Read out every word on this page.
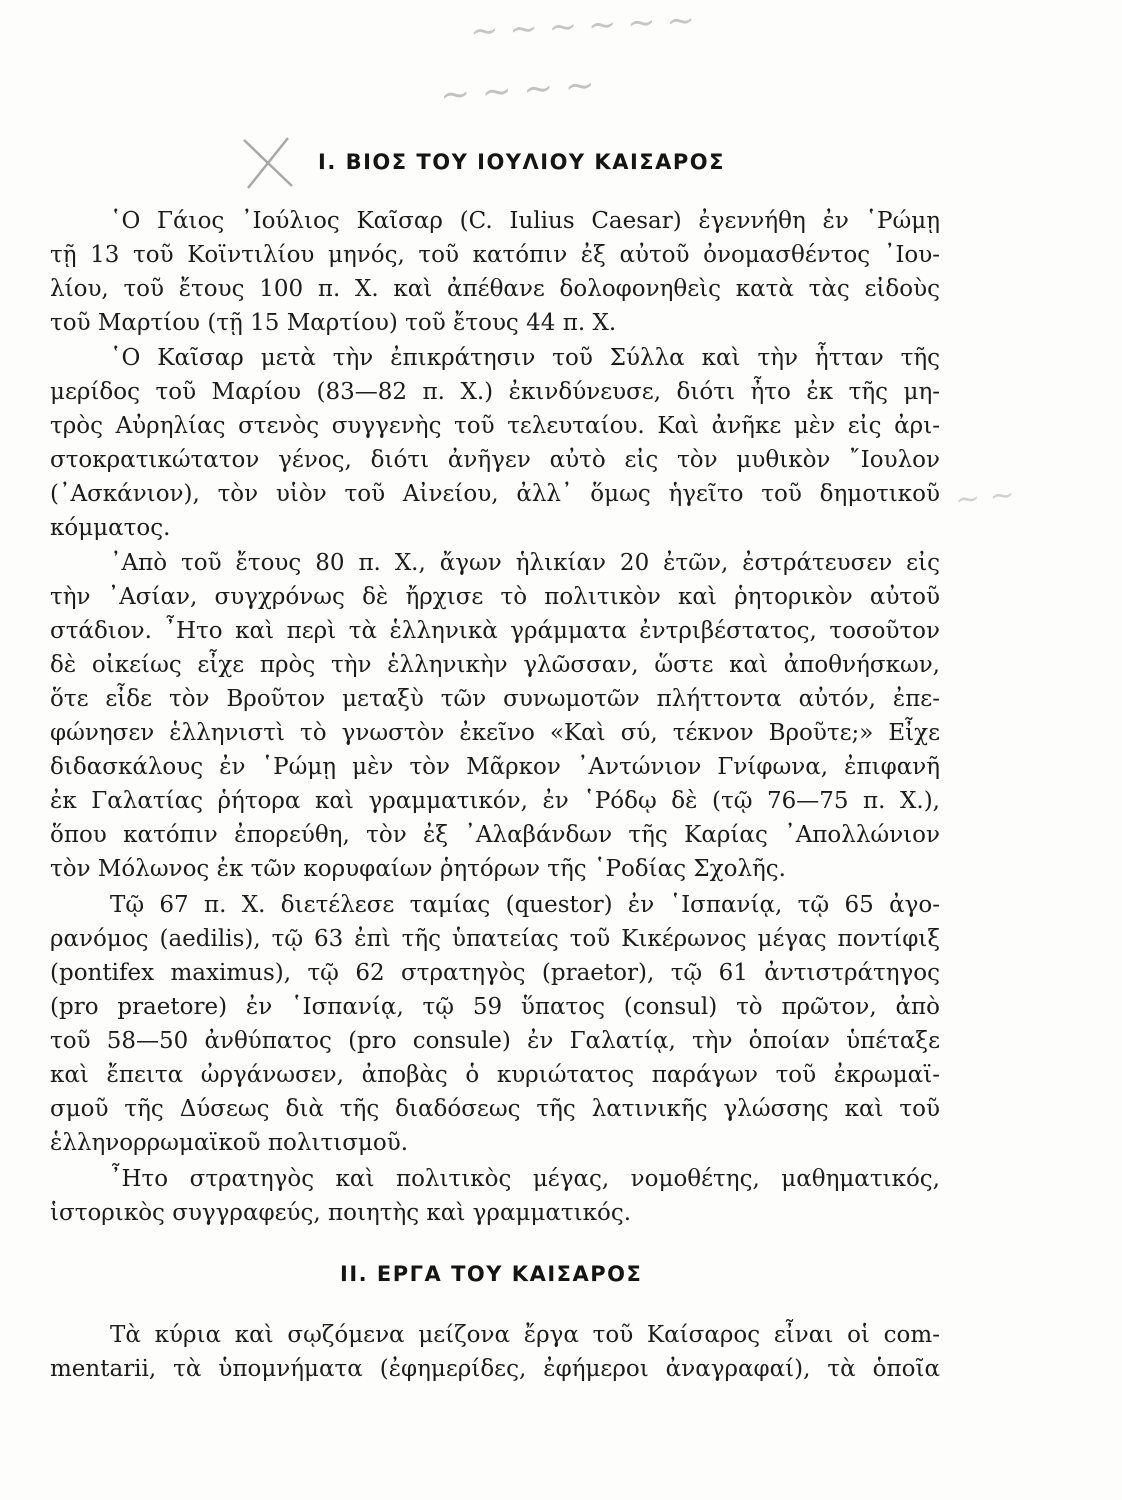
~ ~ ~ ~ ~ ~
~ ~ ~ ~
~ ~
Ι. ΒΙΟΣ ΤΟΥ ΙΟΥΛΙΟΥ ΚΑΙΣΑΡΟΣ
῾Ο Γάιος ᾿Ιούλιος Καῖσαρ (C. Iulius Caesar) ἐγεννήθη ἐν ῾Ρώμῃ
τῇ 13 τοῦ Κοϊντιλίου μηνός, τοῦ κατόπιν ἐξ αὐτοῦ ὀνομασθέντος ᾿Ιου-
λίου, τοῦ ἔτους 100 π. Χ. καὶ ἀπέθανε δολοφονηθεὶς κατὰ τὰς εἰδοὺς
τοῦ Μαρτίου (τῇ 15 Μαρτίου) τοῦ ἔτους 44 π. Χ.
῾Ο Καῖσαρ μετὰ τὴν ἐπικράτησιν τοῦ Σύλλα καὶ τὴν ἧτταν τῆς
μερίδος τοῦ Μαρίου (83—82 π. Χ.) ἐκινδύνευσε, διότι ἦτο ἐκ τῆς μη-
τρὸς Αὐρηλίας στενὸς συγγενὴς τοῦ τελευταίου. Καὶ ἀνῆκε μὲν εἰς ἀρι-
στοκρατικώτατον γένος, διότι ἀνῆγεν αὐτὸ εἰς τὸν μυθικὸν ῎Ιουλον
(᾿Ασκάνιον), τὸν υἱὸν τοῦ Αἰνείου, ἀλλ᾿ ὅμως ἡγεῖτο τοῦ δημοτικοῦ
κόμματος.
᾿Απὸ τοῦ ἔτους 80 π. Χ., ἄγων ἡλικίαν 20 ἐτῶν, ἐστράτευσεν εἰς
τὴν ᾿Ασίαν, συγχρόνως δὲ ἤρχισε τὸ πολιτικὸν καὶ ῥητορικὸν αὐτοῦ
στάδιον. ῏Ητο καὶ περὶ τὰ ἑλληνικὰ γράμματα ἐντριβέστατος, τοσοῦτον
δὲ οἰκείως εἶχε πρὸς τὴν ἑλληνικὴν γλῶσσαν, ὥστε καὶ ἀποθνήσκων,
ὅτε εἶδε τὸν Βροῦτον μεταξὺ τῶν συνωμοτῶν πλήττοντα αὐτόν, ἐπε-
φώνησεν ἑλληνιστὶ τὸ γνωστὸν ἐκεῖνο «Καὶ σύ, τέκνον Βροῦτε;» Εἶχε
διδασκάλους ἐν ῾Ρώμῃ μὲν τὸν Μᾶρκον ᾿Αντώνιον Γνίφωνα, ἐπιφανῆ
ἐκ Γαλατίας ῥήτορα καὶ γραμματικόν, ἐν ῾Ρόδῳ δὲ (τῷ 76—75 π. Χ.),
ὅπου κατόπιν ἐπορεύθη, τὸν ἐξ ᾿Αλαβάνδων τῆς Καρίας ᾿Απολλώνιον
τὸν Μόλωνος ἐκ τῶν κορυφαίων ῥητόρων τῆς ῾Ροδίας Σχολῆς.
Τῷ 67 π. Χ. διετέλεσε ταμίας (questor) ἐν ῾Ισπανίᾳ, τῷ 65 ἀγο-
ρανόμος (aedilis), τῷ 63 ἐπὶ τῆς ὑπατείας τοῦ Κικέρωνος μέγας ποντίφιξ
(pontifex maximus), τῷ 62 στρατηγὸς (praetor), τῷ 61 ἀντιστράτηγος
(pro praetore) ἐν ῾Ισπανίᾳ, τῷ 59 ὕπατος (consul) τὸ πρῶτον, ἀπὸ
τοῦ 58—50 ἀνθύπατος (pro consule) ἐν Γαλατίᾳ, τὴν ὁποίαν ὑπέταξε
καὶ ἔπειτα ὠργάνωσεν, ἀποβὰς ὁ κυριώτατος παράγων τοῦ ἐκρωμαϊ-
σμοῦ τῆς Δύσεως διὰ τῆς διαδόσεως τῆς λατινικῆς γλώσσης καὶ τοῦ
ἑλληνορρωμαϊκοῦ πολιτισμοῦ.
῏Ητο στρατηγὸς καὶ πολιτικὸς μέγας, νομοθέτης, μαθηματικός,
ἱστορικὸς συγγραφεύς, ποιητὴς καὶ γραμματικός.
ΙΙ. ΕΡΓΑ ΤΟΥ ΚΑΙΣΑΡΟΣ
Τὰ κύρια καὶ σῳζόμενα μείζονα ἔργα τοῦ Καίσαρος εἶναι οἱ com-
mentarii, τὰ ὑπομνήματα (ἐφημερίδες, ἐφήμεροι ἀναγραφαί), τὰ ὁποῖα
